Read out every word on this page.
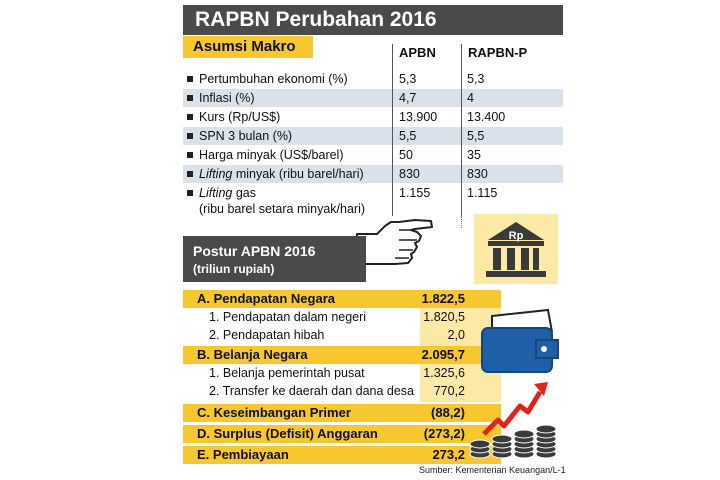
RAPBN Perubahan 2016
Asumsi Makro	APBN RAPBN-P
Pertumbuhan ekonomi (%)	5,3	5,3
Inflasi (%)	4,7	4
Kurs (Rp/US$)	13.900 13.400
SPN 3 bulan (%)	5,5	5,5
Harga minyak (US$/barel)	50	35
Lifting minyak (ribu barel/hari)	830	830
Lifting gas
(ribu barel setara minyak/hari)
1.155	1.115
Postur APBN 2016
(triliun rupiah)
Rp
A. Pendapatan Negara	1.822,5
1. Pendapatan dalam negeri	1.820,5
2. Pendapatan hibah	2,0
B. Belanja Negara	2.095,7
1. Belanja pemerintah pusat	1.325,6
2. Transfer ke daerah dan dana desa 770,2
C. Keseimbangan Primer	(88,2)
D. Surplus (Defisit) Anggaran	(273,2)
E. Pembiayaan	273,2
Sumber: Kementerian Keuangan/L-1
